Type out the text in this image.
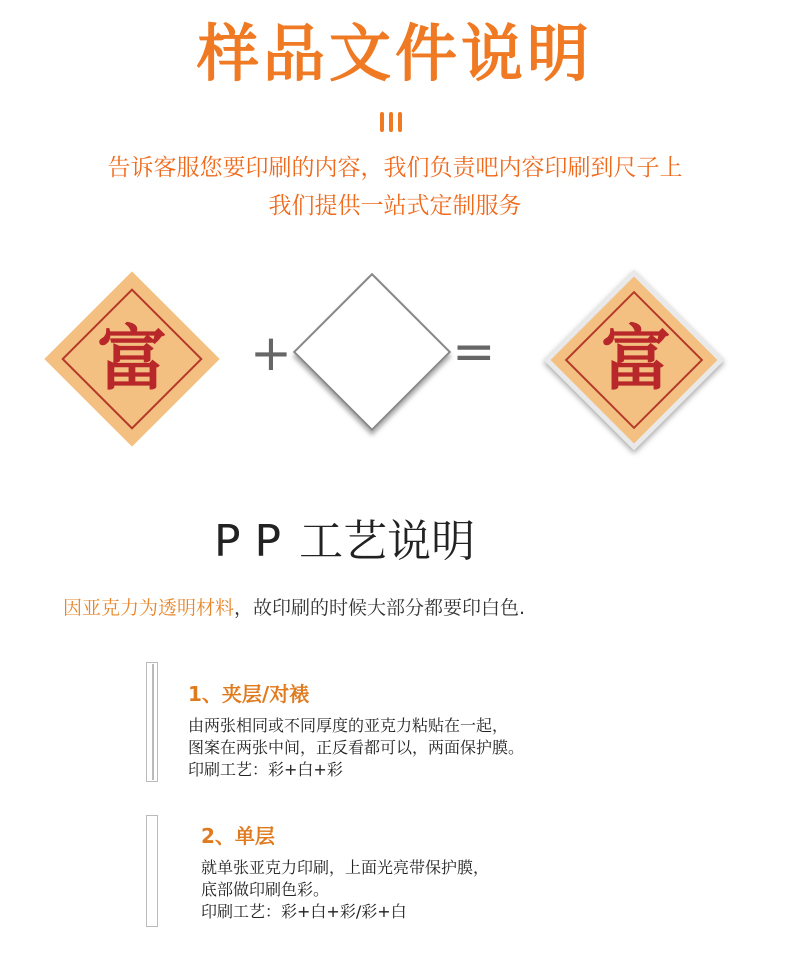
样品文件说明
告诉客服您要印刷的内容，我们负责吧内容印刷到尺子上
我们提供一站式定制服务
富	+	= 富
PP工艺说明
因亚克力为透明材料，故印刷的时候大部分都要印白色.
1、夹层/对裱
由两张相同或不同厚度的亚克力粘贴在一起，
图案在两张中间，正反看都可以，两面保护膜。
印刷工艺：彩+白+彩
2、单层
就单张亚克力印刷，上面光亮带保护膜，
底部做印刷色彩。
印刷工艺：彩+白+彩/彩+白
